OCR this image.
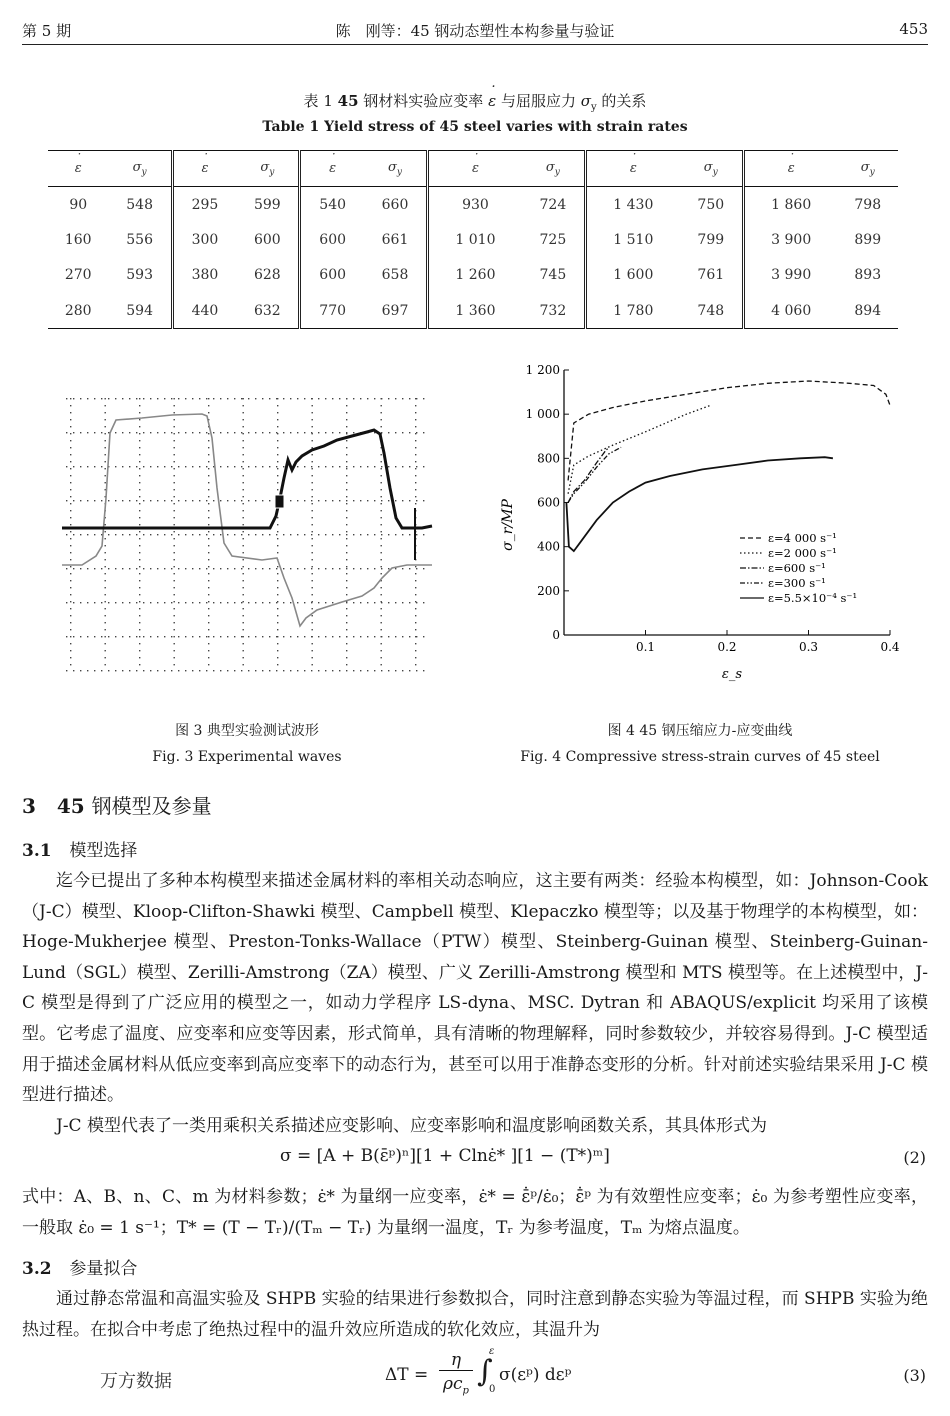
第 5 期	陈　刚等：45 钢动态塑性本构参量与验证	453
表 1 45 钢材料实验应变率 ˙ ε 与屈服应力 $\sigma_y$ 的关系
Table 1 Yield stress of 45 steel varies with strain rates
˙ ε	$\sigma_y$	˙ ε	$\sigma_y$	˙ ε	$\sigma_y$	˙ ε	$\sigma_y$	˙ ε	$\sigma_y$	˙ ε	$\sigma_y$
90	548	295	599	540	660	930	724	1 430	750	1 860	798
160	556	300	600	600	661	1 010	725	1 510	799	3 900	899
270	593	380	628	600	658	1 260	745	1 600	761	3 990	893
280	594	440	632	770	697	1 360	732	1 780	748	4 060	894
0
200
400
600
800
1 000
1 200
0.1	0.2	0.3	0.4
ε=4 000 s⁻¹
ε=2 000 s⁻¹
ε=600 s⁻¹
ε=300 s⁻¹
ε=5.5×10⁻⁴ s⁻¹
σ_r/MP
ε_s
图 3 典型实验测试波形
Fig. 3 Experimental waves
图 4 45 钢压缩应力-应变曲线
Fig. 4 Compressive stress-strain curves of 45 steel
3 45 钢模型及参量
3.1 模型选择

迄今已提出了多种本构模型来描述金属材料的率相关动态响应，这主要有两类：经验本构模型，如：Johnson-Cook（J-C）模型、Kloop-Clifton-Shawki 模型、Campbell 模型、Klepaczko 模型等；以及基于物理学的本构模型，如：Hoge-Mukherjee 模型、Preston-Tonks-Wallace（PTW）模型、Steinberg-Guinan 模型、Steinberg-Guinan-Lund（SGL）模型、Zerilli-Amstrong（ZA）模型、广义 Zerilli-Amstrong 模型和 MTS 模型等。在上述模型中，J-C 模型是得到了广泛应用的模型之一，如动力学程序 LS-dyna、MSC. Dytran 和 ABAQUS/explicit 均采用了该模型。它考虑了温度、应变率和应变等因素，形式简单，具有清晰的物理解释，同时参数较少，并较容易得到。J-C 模型适用于描述金属材料从低应变率到高应变率下的动态行为，甚至可以用于准静态变形的分析。针对前述实验结果采用 J-C 模型进行描述。

J-C 模型代表了一类用乘积关系描述应变影响、应变率影响和温度影响函数关系，其具体形式为

σ = [A + B(ε̄ᵖ)ⁿ][1 + Clnε̇* ][1 − (T*)ᵐ]	(2)

式中：A、B、n、C、m 为材料参数；ε̇* 为量纲一应变率，ε̇* = ε̄̇ᵖ/ε̇₀；ε̄̇ᵖ 为有效塑性应变率；ε̇₀ 为参考塑性应变率，一般取 ε̇₀ = 1 s⁻¹；T* = (T − Tᵣ)/(Tₘ − Tᵣ) 为量纲一温度，Tᵣ 为参考温度，Tₘ 为熔点温度。

3.2 参量拟合

通过静态常温和高温实验及 SHPB 实验的结果进行参数拟合，同时注意到静态实验为等温过程，而 SHPB 实验为绝热过程。在拟合中考虑了绝热过程中的温升效应所造成的软化效应，其温升为

ΔT =
η
$\rho c_p$
∫
ε
0
σ(εᵖ) dεᵖ	(3)
万方数据
